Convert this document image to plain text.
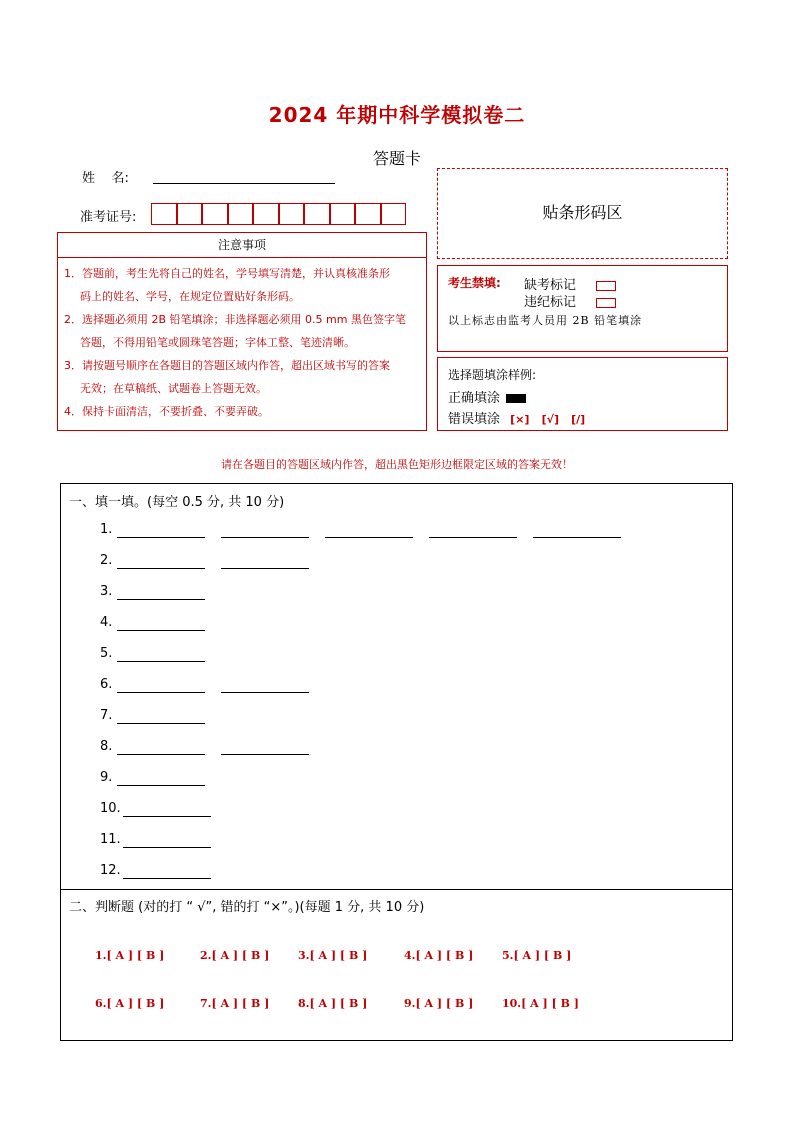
2024 年期中科学模拟卷二
答题卡
姓    名:
准考证号:
注意事项
1．答题前，考生先将自己的姓名，学号填写清楚，并认真核准条形
码上的姓名、学号，在规定位置贴好条形码。
2．选择题必须用 2B 铅笔填涂；非选择题必须用 0.5 mm 黑色签字笔
答题，不得用铅笔或圆珠笔答题；字体工整、笔迹清晰。
3．请按题号顺序在各题目的答题区域内作答，超出区域书写的答案
无效；在草稿纸、试题卷上答题无效。
4．保持卡面清洁，不要折叠、不要弄破。
贴条形码区
考生禁填: 缺考标记
违纪标记
以上标志由监考人员用 2B 铅笔填涂
选择题填涂样例:
正确填涂
错误填涂 [×] [√] [/]
请在各题目的答题区域内作答，超出黑色矩形边框限定区域的答案无效！
一、填一填。(每空 0.5 分, 共 10 分)
1.
2.
3.
4.
5.
6.
7.
8.
9.
10.
11.
12.
二、判断题 (对的打 “ √”, 错的打 “×”。)(每题 1 分, 共 10 分)
1.[ A ] [ B ]	2.[ A ] [ B ]	3.[ A ] [ B ]	4.[ A ] [ B ]	5.[ A ] [ B ]
6.[ A ] [ B ]	7.[ A ] [ B ]	8.[ A ] [ B ]	9.[ A ] [ B ]	10.[ A ] [ B ]
